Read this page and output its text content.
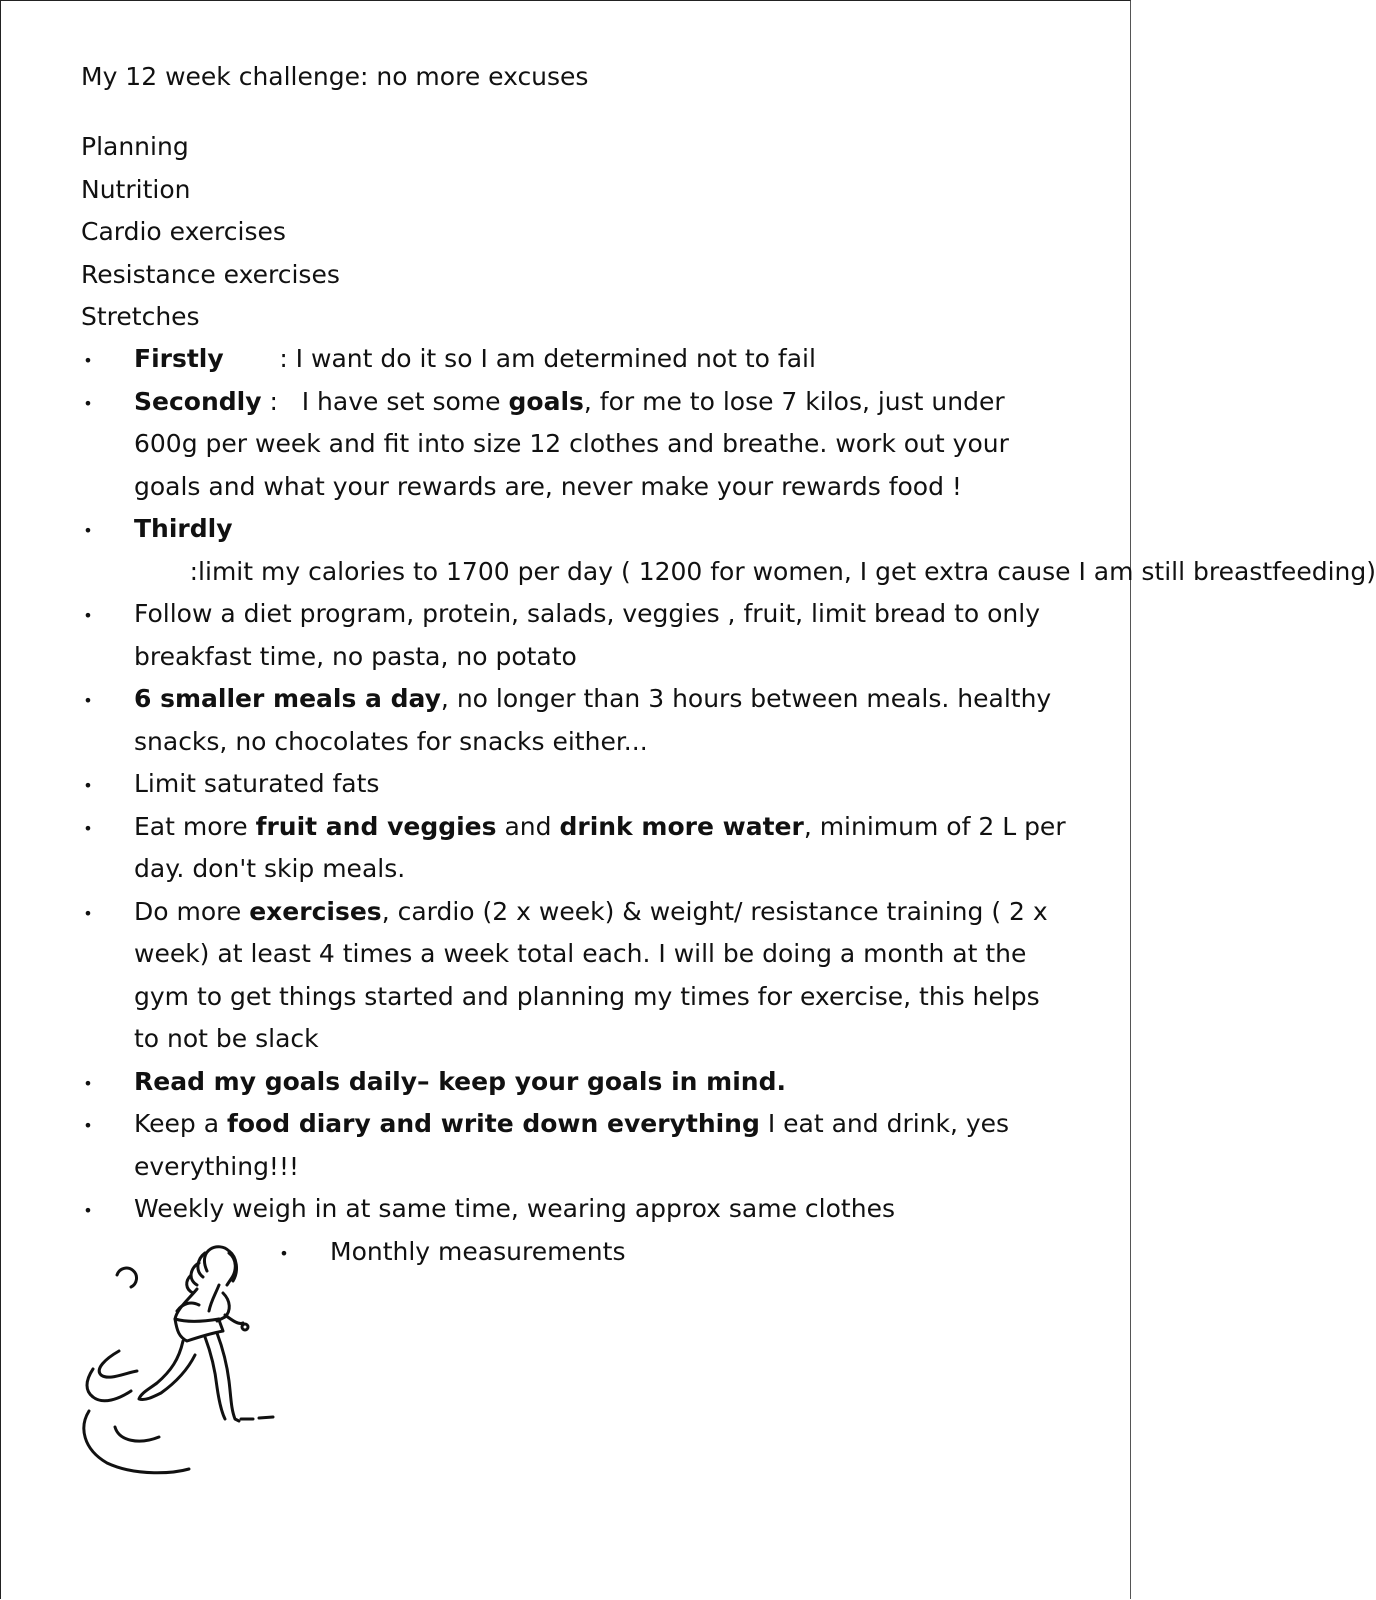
My 12 week challenge: no more excuses
Planning
Nutrition
Cardio exercises
Resistance exercises
Stretches
• Firstly       : I want do it so I am determined not to fail
• Secondly :   I have set some goals, for me to lose 7 kilos, just under 600g per week and fit into size 12 clothes and breathe. work out your goals and what your rewards are, never make your rewards food !
• Thirdly       :limit my calories to 1700 per day ( 1200 for women, I get extra cause I am still breastfeeding)
• Follow a diet program, protein, salads, veggies , fruit, limit bread to only breakfast time, no pasta, no potato
• 6 smaller meals a day, no longer than 3 hours between meals. healthy snacks, no chocolates for snacks either...
• Limit saturated fats
• Eat more fruit and veggies and drink more water, minimum of 2 L per day. don't skip meals.
• Do more exercises, cardio (2 x week) & weight/ resistance training ( 2 x week) at least 4 times a week total each. I will be doing a month at the gym to get things started and planning my times for exercise, this helps to not be slack
• Read my goals daily– keep your goals in mind.
• Keep a food diary and write down everything I eat and drink, yes everything!!!
• Weekly weigh in at same time, wearing approx same clothes
• Monthly measurements
